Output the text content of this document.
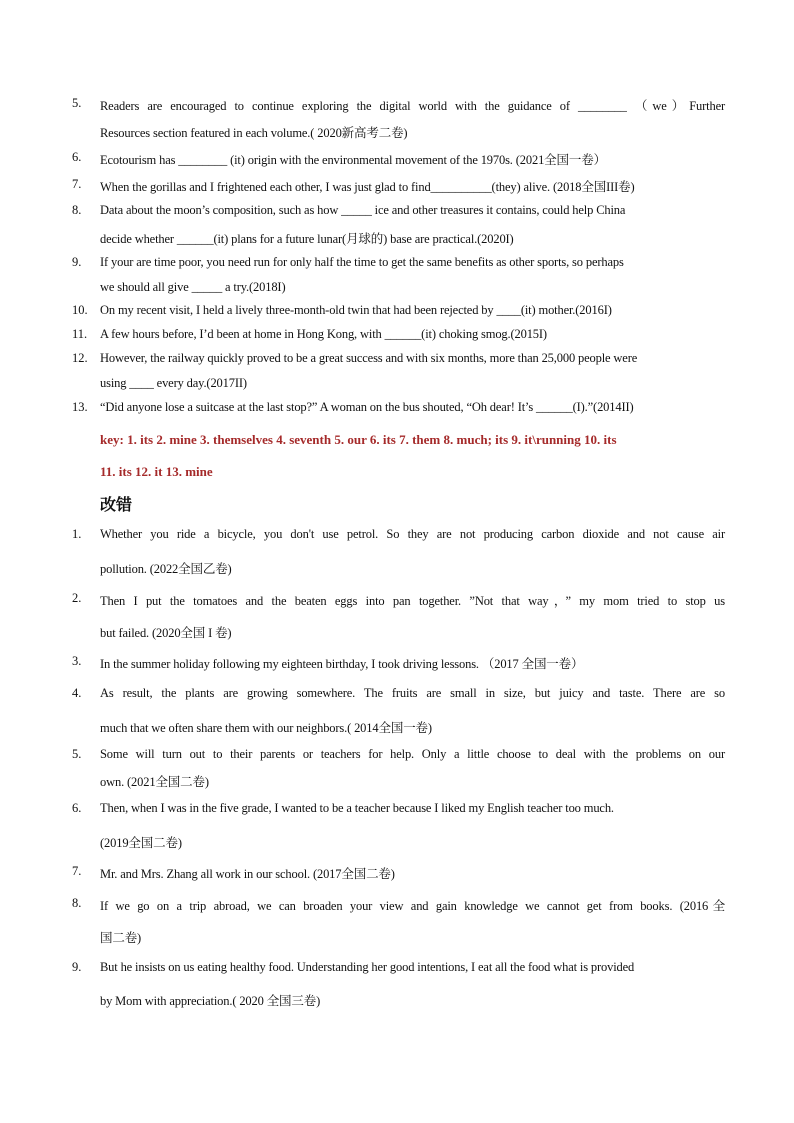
5.	Readers are encouraged to continue exploring the digital world with the guidance of ________ （we）Further
Resources section featured in each volume.( 2020新高考二卷)
6.	Ecotourism has ________ (it) origin with the environmental movement of the 1970s. (2021全国一卷）
7.	When the gorillas and I frightened each other, I was just glad to find__________(they) alive. (2018全国III卷)
8.	Data about the moon’s composition, such as how _____ ice and other treasures it contains, could help China
decide whether ______(it) plans for a future lunar(月球的) base are practical.(2020I)
9.	If your are time poor, you need run for only half the time to get the same benefits as other sports, so perhaps
we should all give _____ a try.(2018I)
10. On my recent visit, I held a lively three-month-old twin that had been rejected by ____(it) mother.(2016I)
11.	A few hours before, I’d been at home in Hong Kong, with ______(it) choking smog.(2015I)
12. However, the railway quickly proved to be a great success and with six months, more than 25,000 people were
using ____ every day.(2017II)
13. “Did anyone lose a suitcase at the last stop?” A woman on the bus shouted, “Oh dear! It’s ______(I).”(2014II)
key: 1. its 2. mine 3. themselves 4. seventh 5. our 6. its 7. them 8. much; its 9. it\running 10. its
11. its 12. it 13. mine
改错
1.	Whether you ride a bicycle, you don't use petrol. So they are not producing carbon dioxide and not cause air
pollution. (2022全国乙卷)
2.	Then I put the tomatoes and the beaten eggs into pan together. ”Not that way，” my mom tried to stop us
but failed. (2020全国 I 卷)
3.	In the summer holiday following my eighteen birthday, I took driving lessons. （2017 全国一卷）
4.	As result, the plants are growing somewhere. The fruits are small in size, but juicy and taste. There are so
much that we often share them with our neighbors.( 2014全国一卷)
5.	Some will turn out to their parents or teachers for help. Only a little choose to deal with the problems on our
own. (2021全国二卷)
6.	Then, when I was in the five grade, I wanted to be a teacher because I liked my English teacher too much.
(2019全国二卷)
7.	Mr. and Mrs. Zhang all work in our school. (2017全国二卷)
8.	If we go on a trip abroad, we can broaden your view and gain knowledge we cannot get from books. (2016全
国二卷)
9.	But he insists on us eating healthy food. Understanding her good intentions, I eat all the food what is provided
by Mom with appreciation.( 2020 全国三卷)
